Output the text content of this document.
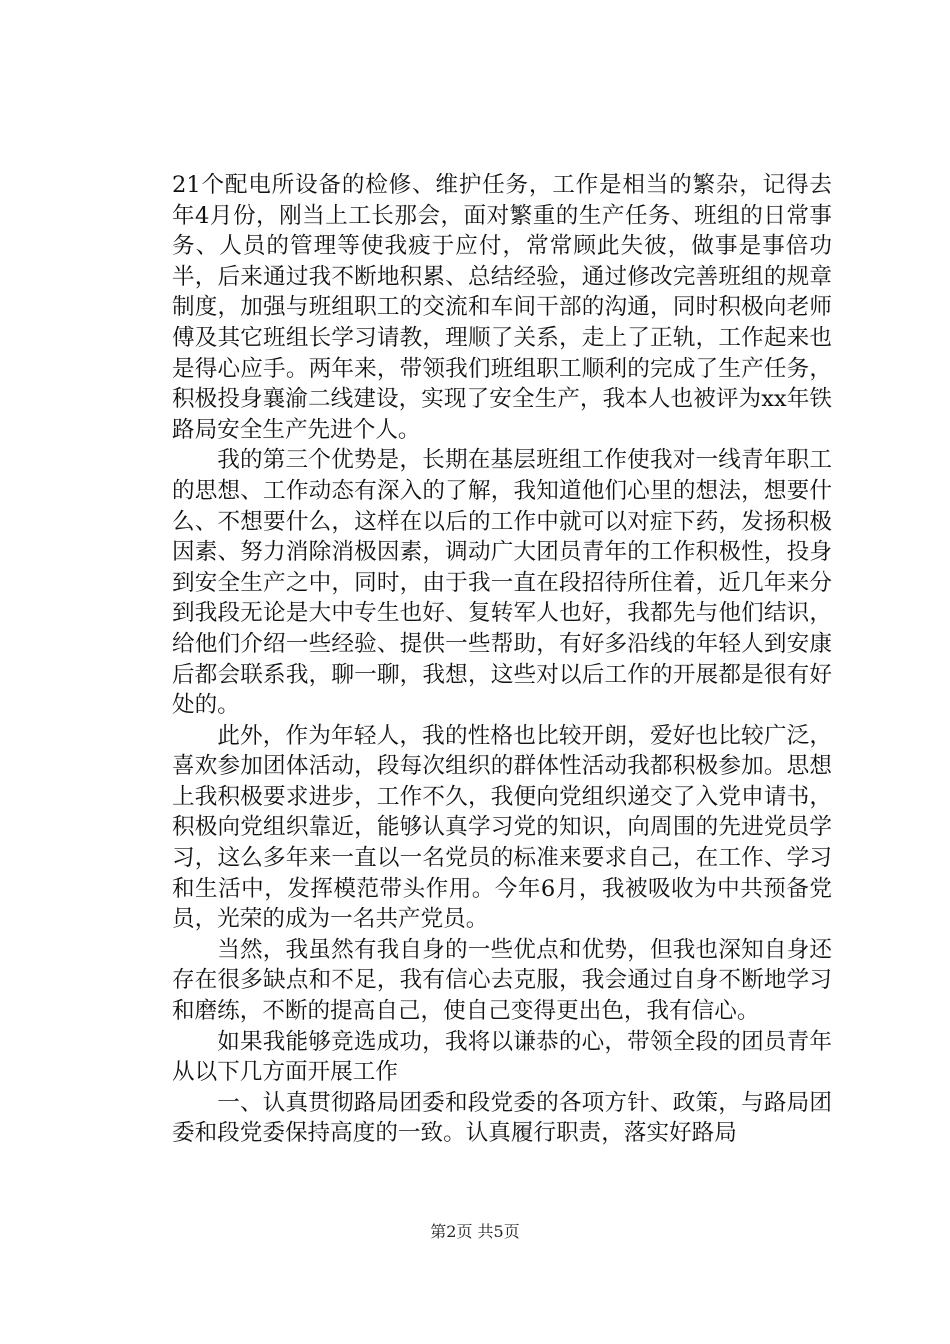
21个配电所设备的检修、维护任务，工作是相当的繁杂，记得去年4月份，刚当上工长那会，面对繁重的生产任务、班组的日常事务、人员的管理等使我疲于应付，常常顾此失彼，做事是事倍功半，后来通过我不断地积累、总结经验，通过修改完善班组的规章制度，加强与班组职工的交流和车间干部的沟通，同时积极向老师傅及其它班组长学习请教，理顺了关系，走上了正轨，工作起来也是得心应手。两年来，带领我们班组职工顺利的完成了生产任务，积极投身襄渝二线建设，实现了安全生产，我本人也被评为xx年铁路局安全生产先进个人。

我的第三个优势是，长期在基层班组工作使我对一线青年职工的思想、工作动态有深入的了解，我知道他们心里的想法，想要什么、不想要什么，这样在以后的工作中就可以对症下药，发扬积极因素、努力消除消极因素，调动广大团员青年的工作积极性，投身到安全生产之中，同时，由于我一直在段招待所住着，近几年来分到我段无论是大中专生也好、复转军人也好，我都先与他们结识，给他们介绍一些经验、提供一些帮助，有好多沿线的年轻人到安康后都会联系我，聊一聊，我想，这些对以后工作的开展都是很有好处的。

此外，作为年轻人，我的性格也比较开朗，爱好也比较广泛，喜欢参加团体活动，段每次组织的群体性活动我都积极参加。思想上我积极要求进步，工作不久，我便向党组织递交了入党申请书，积极向党组织靠近，能够认真学习党的知识，向周围的先进党员学习，这么多年来一直以一名党员的标准来要求自己，在工作、学习和生活中，发挥模范带头作用。今年6月，我被吸收为中共预备党员，光荣的成为一名共产党员。

当然，我虽然有我自身的一些优点和优势，但我也深知自身还存在很多缺点和不足，我有信心去克服，我会通过自身不断地学习和磨练，不断的提高自己，使自己变得更出色，我有信心。

如果我能够竞选成功，我将以谦恭的心，带领全段的团员青年从以下几方面开展工作

一、认真贯彻路局团委和段党委的各项方针、政策，与路局团委和段党委保持高度的一致。认真履行职责，落实好路局

第2页 共5页
